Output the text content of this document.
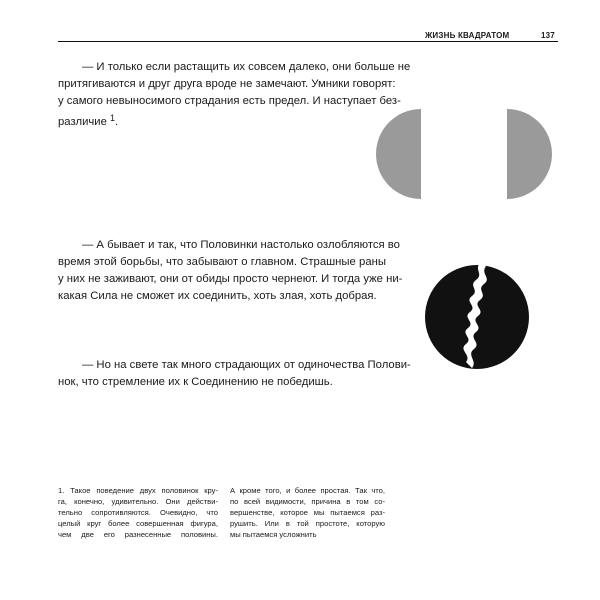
ЖИЗНЬ КВАДРАТОМ	137
— И только если растащить их совсем далеко, они больше не
притягиваются и друг друга вроде не замечают. Умники говорят:
у самого невыносимого страдания есть предел. И наступает без-
различие $^1$.
— А бывает и так, что Половинки настолько озлобляются во
время этой борьбы, что забывают о главном. Страшные раны
у них не заживают, они от обиды просто чернеют. И тогда уже ни-
какая Сила не сможет их соединить, хоть злая, хоть добрая.
— Но на свете так много страдающих от одиночества Полови-
нок, что стремление их к Соединению не победишь.
1. Такое поведение двух половинок кру-
га, конечно, удивительно. Они действи-
тельно сопротивляются. Очевидно, что
целый круг более совершенная фигура,
чем две его разнесенные половины.
А кроме того, и более простая. Так что,
по всей видимости, причина в том со-
вершенстве, которое мы пытаемся раз-
рушить. Или в той простоте, которую
мы пытаемся усложнить
